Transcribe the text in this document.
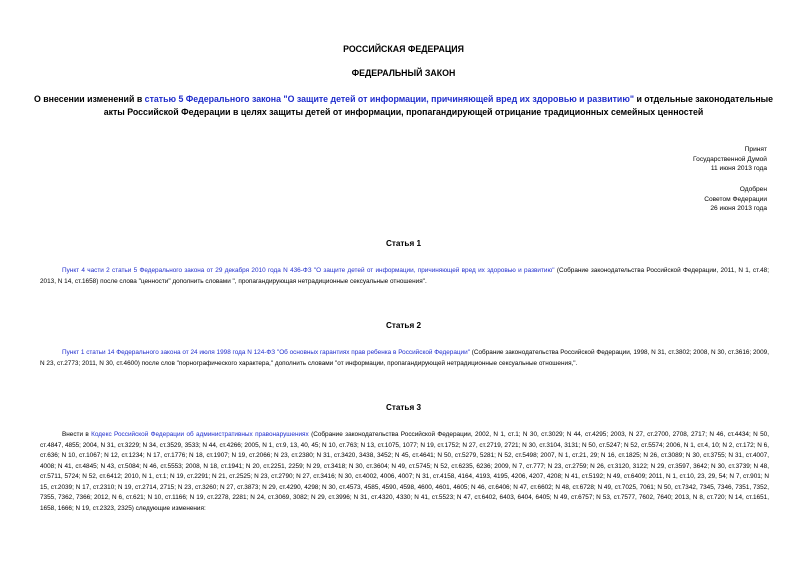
РОССИЙСКАЯ ФЕДЕРАЦИЯ
ФЕДЕРАЛЬНЫЙ ЗАКОН
О внесении изменений в статью 5 Федерального закона "О защите детей от информации, причиняющей вред их здоровью и развитию" и отдельные законодательные акты Российской Федерации в целях защиты детей от информации, пропагандирующей отрицание традиционных семейных ценностей
Принят
Государственной Думой
11 июня 2013 года
Одобрен
Советом Федерации
26 июня 2013 года
Статья 1
Пункт 4 части 2 статьи 5 Федерального закона от 29 декабря 2010 года N 436-ФЗ "О защите детей от информации, причиняющей вред их здоровью и развитию" (Собрание законодательства Российской Федерации, 2011, N 1, ст.48; 2013, N 14, ст.1658) после слова "ценности" дополнить словами ", пропагандирующая нетрадиционные сексуальные отношения".
Статья 2
Пункт 1 статьи 14 Федерального закона от 24 июля 1998 года N 124-ФЗ "Об основных гарантиях прав ребенка в Российской Федерации" (Собрание законодательства Российской Федерации, 1998, N 31, ст.3802; 2008, N 30, ст.3616; 2009, N 23, ст.2773; 2011, N 30, ст.4600) после слов "порнографического характера," дополнить словами "от информации, пропагандирующей нетрадиционные сексуальные отношения,".
Статья 3
Внести в Кодекс Российской Федерации об административных правонарушениях (Собрание законодательства Российской Федерации, 2002, N 1, ст.1; N 30, ст.3029; N 44, ст.4295; 2003, N 27, ст.2700, 2708, 2717; N 46, ст.4434; N 50, ст.4847, 4855; 2004, N 31, ст.3229; N 34, ст.3529, 3533; N 44, ст.4266; 2005, N 1, ст.9, 13, 40, 45; N 10, ст.763; N 13, ст.1075, 1077; N 19, ст.1752; N 27, ст.2719, 2721; N 30, ст.3104, 3131; N 50, ст.5247; N 52, ст.5574; 2006, N 1, ст.4, 10; N 2, ст.172; N 6, ст.636; N 10, ст.1067; N 12, ст.1234; N 17, ст.1776; N 18, ст.1907; N 19, ст.2066; N 23, ст.2380; N 31, ст.3420, 3438, 3452; N 45, ст.4641; N 50, ст.5279, 5281; N 52, ст.5498; 2007, N 1, ст.21, 29; N 16, ст.1825; N 26, ст.3089; N 30, ст.3755; N 31, ст.4007, 4008; N 41, ст.4845; N 43, ст.5084; N 46, ст.5553; 2008, N 18, ст.1941; N 20, ст.2251, 2259; N 29, ст.3418; N 30, ст.3604; N 49, ст.5745; N 52, ст.6235, 6236; 2009, N 7, ст.777; N 23, ст.2759; N 26, ст.3120, 3122; N 29, ст.3597, 3642; N 30, ст.3739; N 48, ст.5711, 5724; N 52, ст.6412; 2010, N 1, ст.1; N 19, ст.2291; N 21, ст.2525; N 23, ст.2790; N 27, ст.3416; N 30, ст.4002, 4006, 4007; N 31, ст.4158, 4164, 4193, 4195, 4206, 4207, 4208; N 41, ст.5192; N 49, ст.6409; 2011, N 1, ст.10, 23, 29, 54; N 7, ст.901; N 15, ст.2039; N 17, ст.2310; N 19, ст.2714, 2715; N 23, ст.3260; N 27, ст.3873; N 29, ст.4290, 4298; N 30, ст.4573, 4585, 4590, 4598, 4600, 4601, 4605; N 46, ст.6406; N 47, ст.6602; N 48, ст.6728; N 49, ст.7025, 7061; N 50, ст.7342, 7345, 7346, 7351, 7352, 7355, 7362, 7366; 2012, N 6, ст.621; N 10, ст.1166; N 19, ст.2278, 2281; N 24, ст.3069, 3082; N 29, ст.3996; N 31, ст.4320, 4330; N 41, ст.5523; N 47, ст.6402, 6403, 6404, 6405; N 49, ст.6757; N 53, ст.7577, 7602, 7640; 2013, N 8, ст.720; N 14, ст.1651, 1658, 1666; N 19, ст.2323, 2325) следующие изменения:
